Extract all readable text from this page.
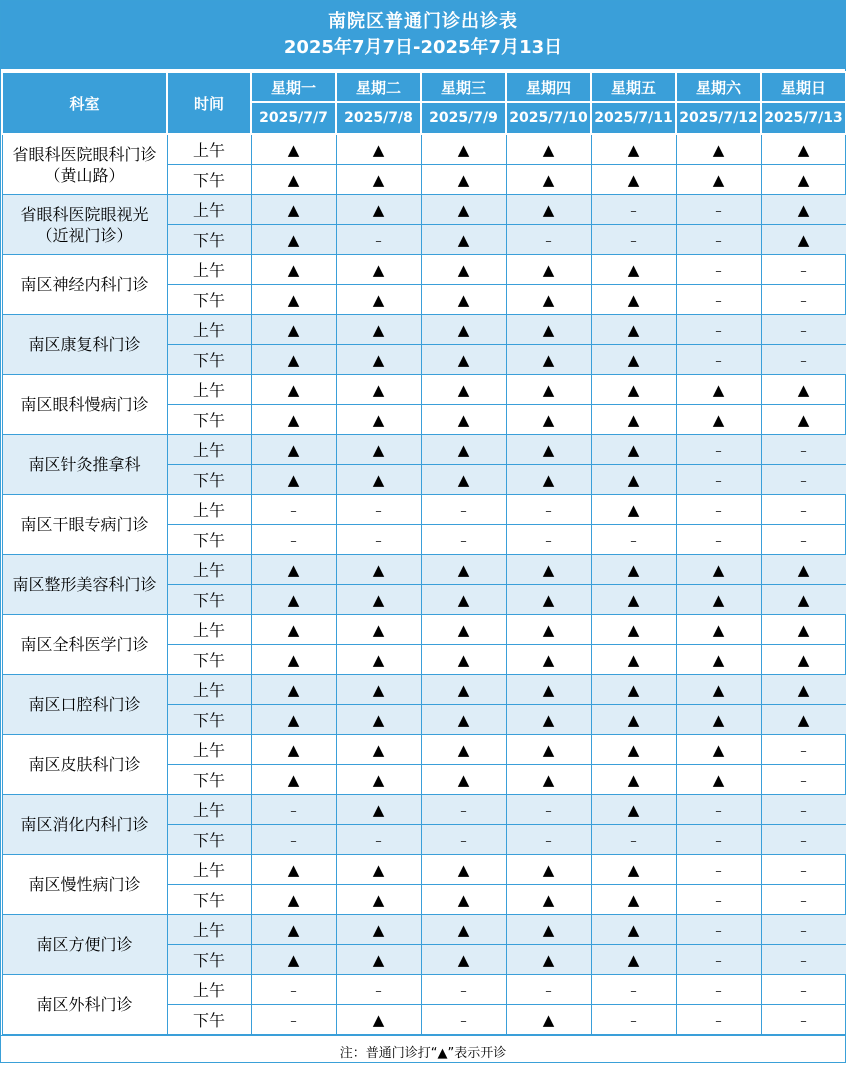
南院区普通门诊出诊表
2025年7月7日-2025年7月13日
科室	时间	星期一	星期二	星期三	星期四	星期五	星期六	星期日
		2025/7/7	2025/7/8	2025/7/9	2025/7/10	2025/7/11	2025/7/12	2025/7/13
省眼科医院眼科门诊
（黄山路）	上午	▲	▲	▲	▲	▲	▲	▲
	下午	▲	▲	▲	▲	▲	▲	▲
省眼科医院眼视光
（近视门诊）	上午	▲	▲	▲	▲	–	–	▲
	下午	▲	–	▲	–	–	–	▲
南区神经内科门诊	上午	▲	▲	▲	▲	▲	–	–
	下午	▲	▲	▲	▲	▲	–	–
南区康复科门诊	上午	▲	▲	▲	▲	▲	–	–
	下午	▲	▲	▲	▲	▲	–	–
南区眼科慢病门诊	上午	▲	▲	▲	▲	▲	▲	▲
	下午	▲	▲	▲	▲	▲	▲	▲
南区针灸推拿科	上午	▲	▲	▲	▲	▲	–	–
	下午	▲	▲	▲	▲	▲	–	–
南区干眼专病门诊	上午	–	–	–	–	▲	–	–
	下午	–	–	–	–	–	–	–
南区整形美容科门诊	上午	▲	▲	▲	▲	▲	▲	▲
	下午	▲	▲	▲	▲	▲	▲	▲
南区全科医学门诊	上午	▲	▲	▲	▲	▲	▲	▲
	下午	▲	▲	▲	▲	▲	▲	▲
南区口腔科门诊	上午	▲	▲	▲	▲	▲	▲	▲
	下午	▲	▲	▲	▲	▲	▲	▲
南区皮肤科门诊	上午	▲	▲	▲	▲	▲	▲	–
	下午	▲	▲	▲	▲	▲	▲	–
南区消化内科门诊	上午	–	▲	–	–	▲	–	–
	下午	–	–	–	–	–	–	–
南区慢性病门诊	上午	▲	▲	▲	▲	▲	–	–
	下午	▲	▲	▲	▲	▲	–	–
南区方便门诊	上午	▲	▲	▲	▲	▲	–	–
	下午	▲	▲	▲	▲	▲	–	–
南区外科门诊	上午	–	–	–	–	–	–	–
	下午	–	▲	–	▲	–	–	–
注：普通门诊打“▲”表示开诊
